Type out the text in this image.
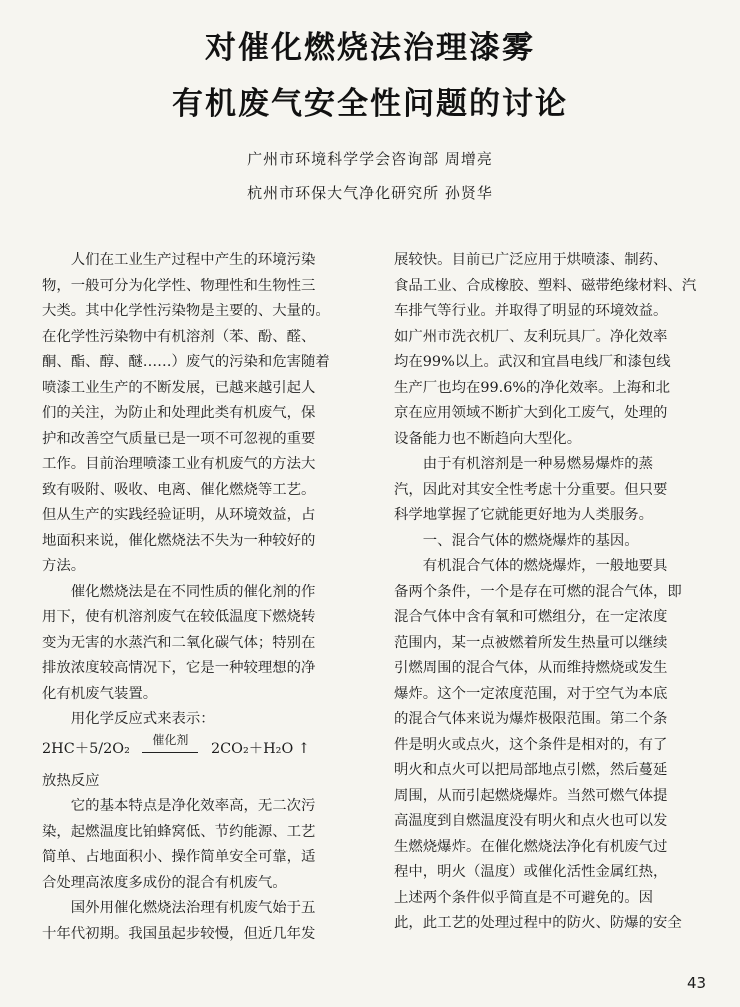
对催化燃烧法治理漆雾
有机废气安全性问题的讨论
广州市环境科学学会咨询部 周增亮
杭州市环保大气净化研究所 孙贤华
　　人们在工业生产过程中产生的环境污染
物，一般可分为化学性、物理性和生物性三
大类。其中化学性污染物是主要的、大量的。
在化学性污染物中有机溶剂（苯、酚、醛、
酮、酯、醇、醚……）废气的污染和危害随着
喷漆工业生产的不断发展，已越来越引起人
们的关注，为防止和处理此类有机废气，保
护和改善空气质量已是一项不可忽视的重要
工作。目前治理喷漆工业有机废气的方法大
致有吸附、吸收、电离、催化燃烧等工艺。
但从生产的实践经验证明，从环境效益，占
地面积来说，催化燃烧法不失为一种较好的
方法。
　　催化燃烧法是在不同性质的催化剂的作
用下，使有机溶剂废气在较低温度下燃烧转
变为无害的水蒸汽和二氧化碳气体；特别在
排放浓度较高情况下，它是一种较理想的净
化有机废气装置。
　　用化学反应式来表示：
2HC＋5/2O₂
催化剂
2CO₂＋H₂O ↑
放热反应
　　它的基本特点是净化效率高，无二次污
染，起燃温度比铂蜂窝低、节约能源、工艺
简单、占地面积小、操作简单安全可靠，适
合处理高浓度多成份的混合有机废气。
　　国外用催化燃烧法治理有机废气始于五
十年代初期。我国虽起步较慢，但近几年发
展较快。目前已广泛应用于烘喷漆、制药、
食品工业、合成橡胶、塑料、磁带绝缘材料、汽
车排气等行业。并取得了明显的环境效益。
如广州市洗衣机厂、友利玩具厂。净化效率
均在99%以上。武汉和宜昌电线厂和漆包线
生产厂也均在99.6%的净化效率。上海和北
京在应用领域不断扩大到化工废气，处理的
设备能力也不断趋向大型化。
　　由于有机溶剂是一种易燃易爆炸的蒸
汽，因此对其安全性考虑十分重要。但只要
科学地掌握了它就能更好地为人类服务。
　　一、混合气体的燃烧爆炸的基因。
　　有机混合气体的燃烧爆炸，一般地要具
备两个条件，一个是存在可燃的混合气体，即
混合气体中含有氧和可燃组分，在一定浓度
范围内，某一点被燃着所发生热量可以继续
引燃周围的混合气体，从而维持燃烧或发生
爆炸。这个一定浓度范围，对于空气为本底
的混合气体来说为爆炸极限范围。第二个条
件是明火或点火，这个条件是相对的，有了
明火和点火可以把局部地点引燃，然后蔓延
周围，从而引起燃烧爆炸。当然可燃气体提
高温度到自燃温度没有明火和点火也可以发
生燃烧爆炸。在催化燃烧法净化有机废气过
程中，明火（温度）或催化活性金属红热，
上述两个条件似乎简直是不可避免的。因
此，此工艺的处理过程中的防火、防爆的安全
43
